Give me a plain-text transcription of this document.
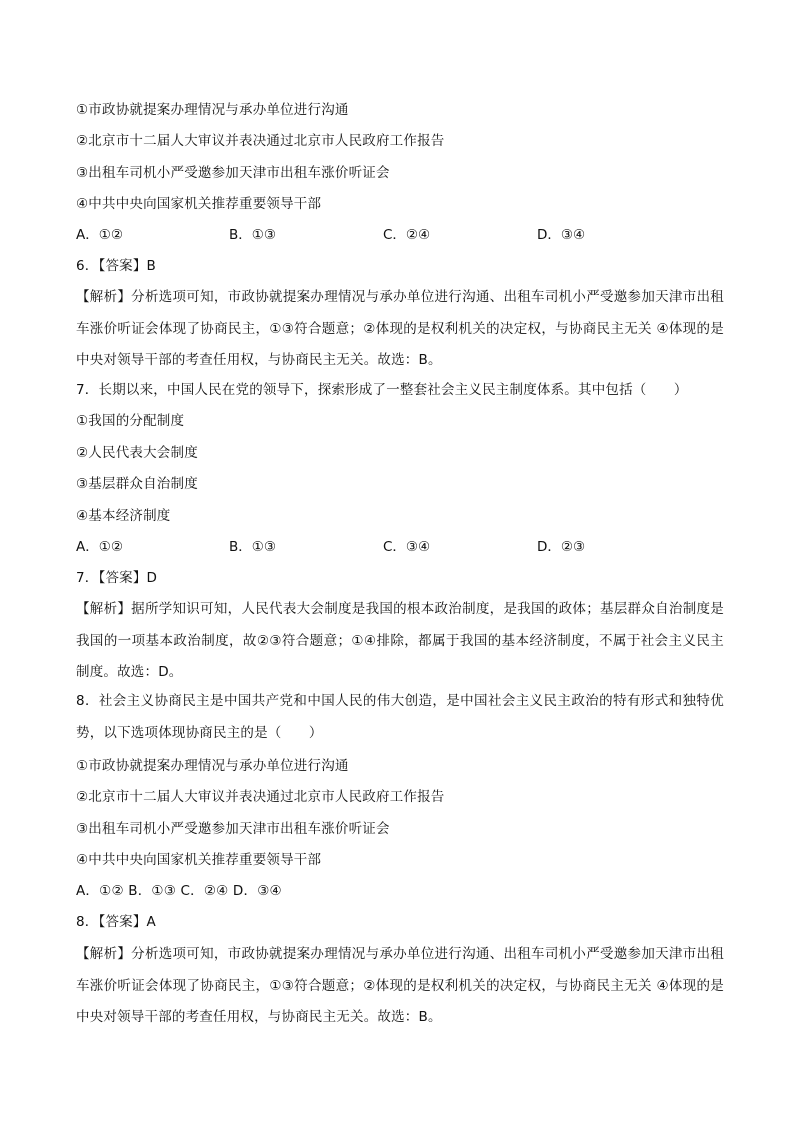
①市政协就提案办理情况与承办单位进行沟通
②北京市十二届人大审议并表决通过北京市人民政府工作报告
③出租车司机小严受邀参加天津市出租车涨价听证会
④中共中央向国家机关推荐重要领导干部
A．①②	B．①③	C．②④	D．③④
6．【答案】B
【解析】分析选项可知，市政协就提案办理情况与承办单位进行沟通、出租车司机小严受邀参加天津市出租车涨价听证会体现了协商民主，①③符合题意；②体现的是权利机关的决定权，与协商民主无关 ④体现的是中央对领导干部的考查任用权，与协商民主无关。故选：B。
7．长期以来，中国人民在党的领导下，探索形成了一整套社会主义民主制度体系。其中包括（　　）
①我国的分配制度
②人民代表大会制度
③基层群众自治制度
④基本经济制度
A．①②	B．①③	C．③④	D．②③
7．【答案】D
【解析】据所学知识可知，人民代表大会制度是我国的根本政治制度，是我国的政体；基层群众自治制度是我国的一项基本政治制度，故②③符合题意；①④排除，都属于我国的基本经济制度，不属于社会主义民主制度。故选：D。
8．社会主义协商民主是中国共产党和中国人民的伟大创造，是中国社会主义民主政治的特有形式和独特优势，以下选项体现协商民主的是（　　）
①市政协就提案办理情况与承办单位进行沟通
②北京市十二届人大审议并表决通过北京市人民政府工作报告
③出租车司机小严受邀参加天津市出租车涨价听证会
④中共中央向国家机关推荐重要领导干部
A．①② B．①③ C．②④ D．③④
8．【答案】A
【解析】分析选项可知，市政协就提案办理情况与承办单位进行沟通、出租车司机小严受邀参加天津市出租车涨价听证会体现了协商民主，①③符合题意；②体现的是权利机关的决定权，与协商民主无关 ④体现的是中央对领导干部的考查任用权，与协商民主无关。故选：B。
